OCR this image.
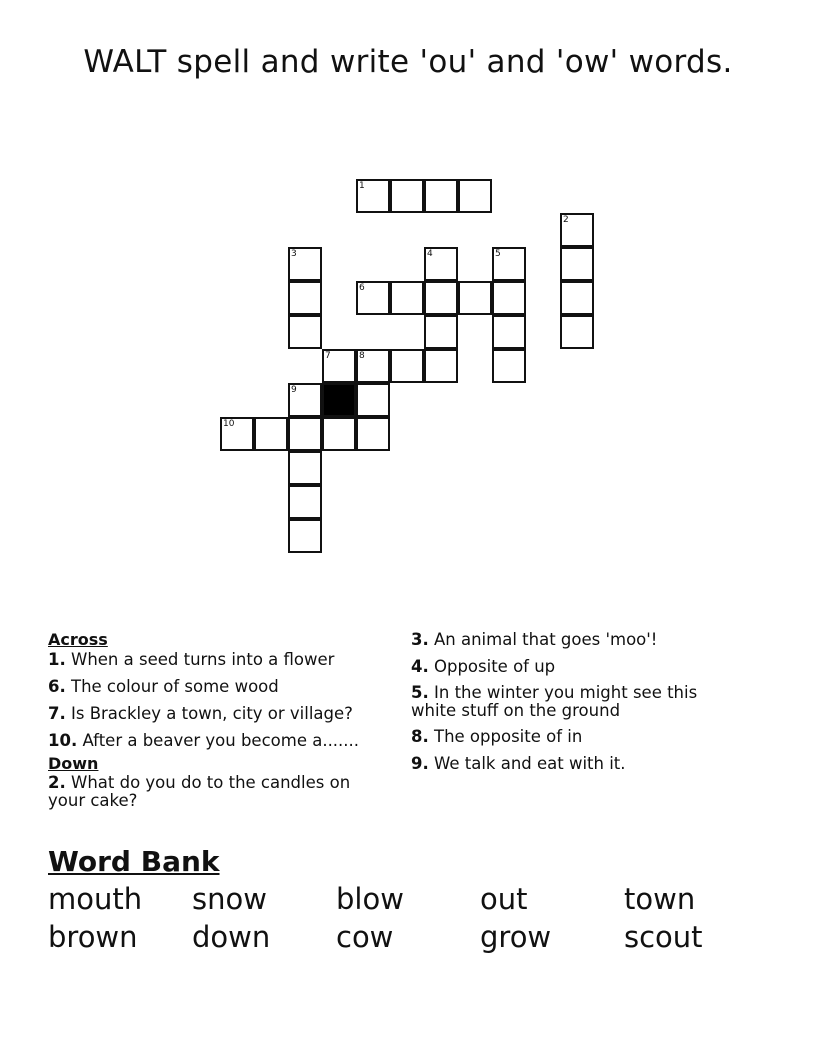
WALT spell and write 'ou' and 'ow' words.
1
2
3	4	5
6
7	8
9
10
Across
1. When a seed turns into a flower
6. The colour of some wood
7. Is Brackley a town, city or village?
10. After a beaver you become a.......
Down
2. What do you do to the candles on
your cake?
3. An animal that goes 'moo'!
4. Opposite of up
5. In the winter you might see this
white stuff on the ground
8. The opposite of in
9. We talk and eat with it.
Word Bank
mouth	snow	blow	out	town
brown	down	cow	grow	scout
